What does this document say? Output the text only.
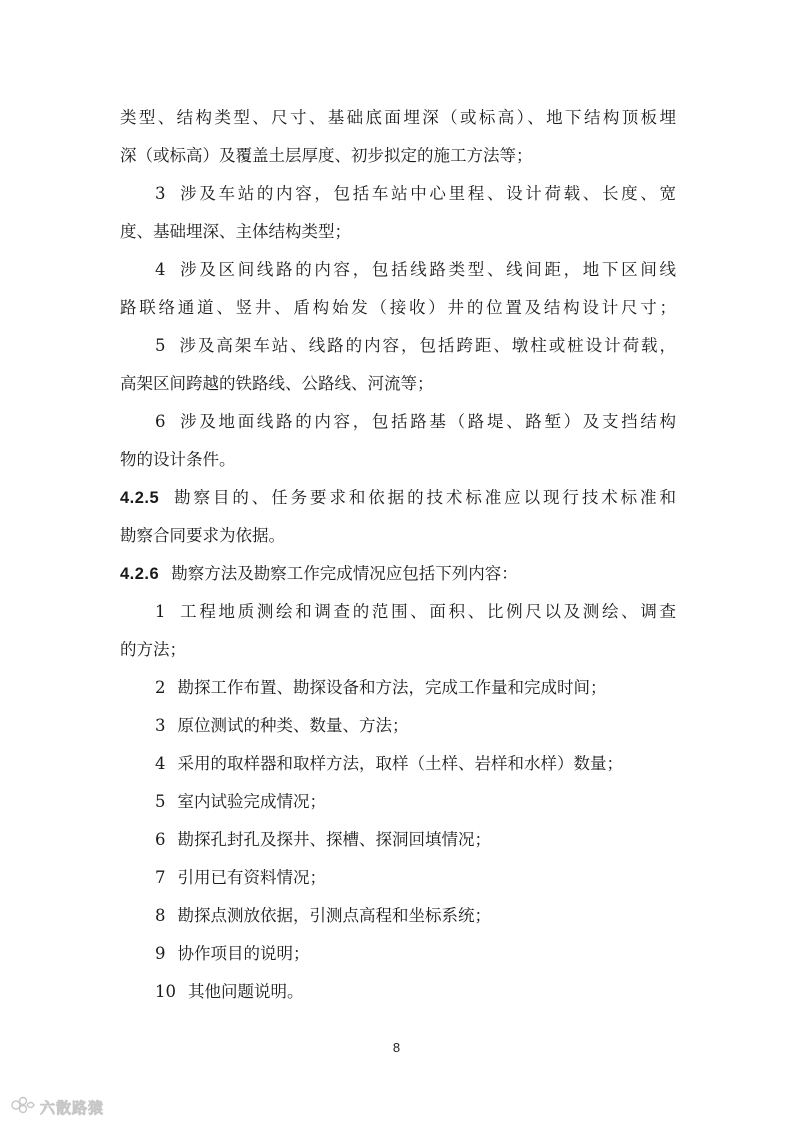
类型、结构类型、尺寸、基础底面埋深（或标高）、地下结构顶板埋
深（或标高）及覆盖土层厚度、初步拟定的施工方法等；
3 涉及车站的内容，包括车站中心里程、设计荷载、长度、宽
度、基础埋深、主体结构类型；
4 涉及区间线路的内容，包括线路类型、线间距，地下区间线
路联络通道、竖井、盾构始发（接收）井的位置及结构设计尺寸；
5 涉及高架车站、线路的内容，包括跨距、墩柱或桩设计荷载，
高架区间跨越的铁路线、公路线、河流等；
6 涉及地面线路的内容，包括路基（路堤、路堑）及支挡结构
物的设计条件。
4.2.5 勘察目的、任务要求和依据的技术标准应以现行技术标准和
勘察合同要求为依据。
4.2.6 勘察方法及勘察工作完成情况应包括下列内容：
1 工程地质测绘和调查的范围、面积、比例尺以及测绘、调查
的方法；
2 勘探工作布置、勘探设备和方法，完成工作量和完成时间；
3 原位测试的种类、数量、方法；
4 采用的取样器和取样方法，取样（土样、岩样和水样）数量；
5 室内试验完成情况；
6 勘探孔封孔及探井、探槽、探洞回填情况；
7 引用已有资料情况；
8 勘探点测放依据，引测点高程和坐标系统；
9 协作项目的说明；
10 其他问题说明。
8
六散路猿
